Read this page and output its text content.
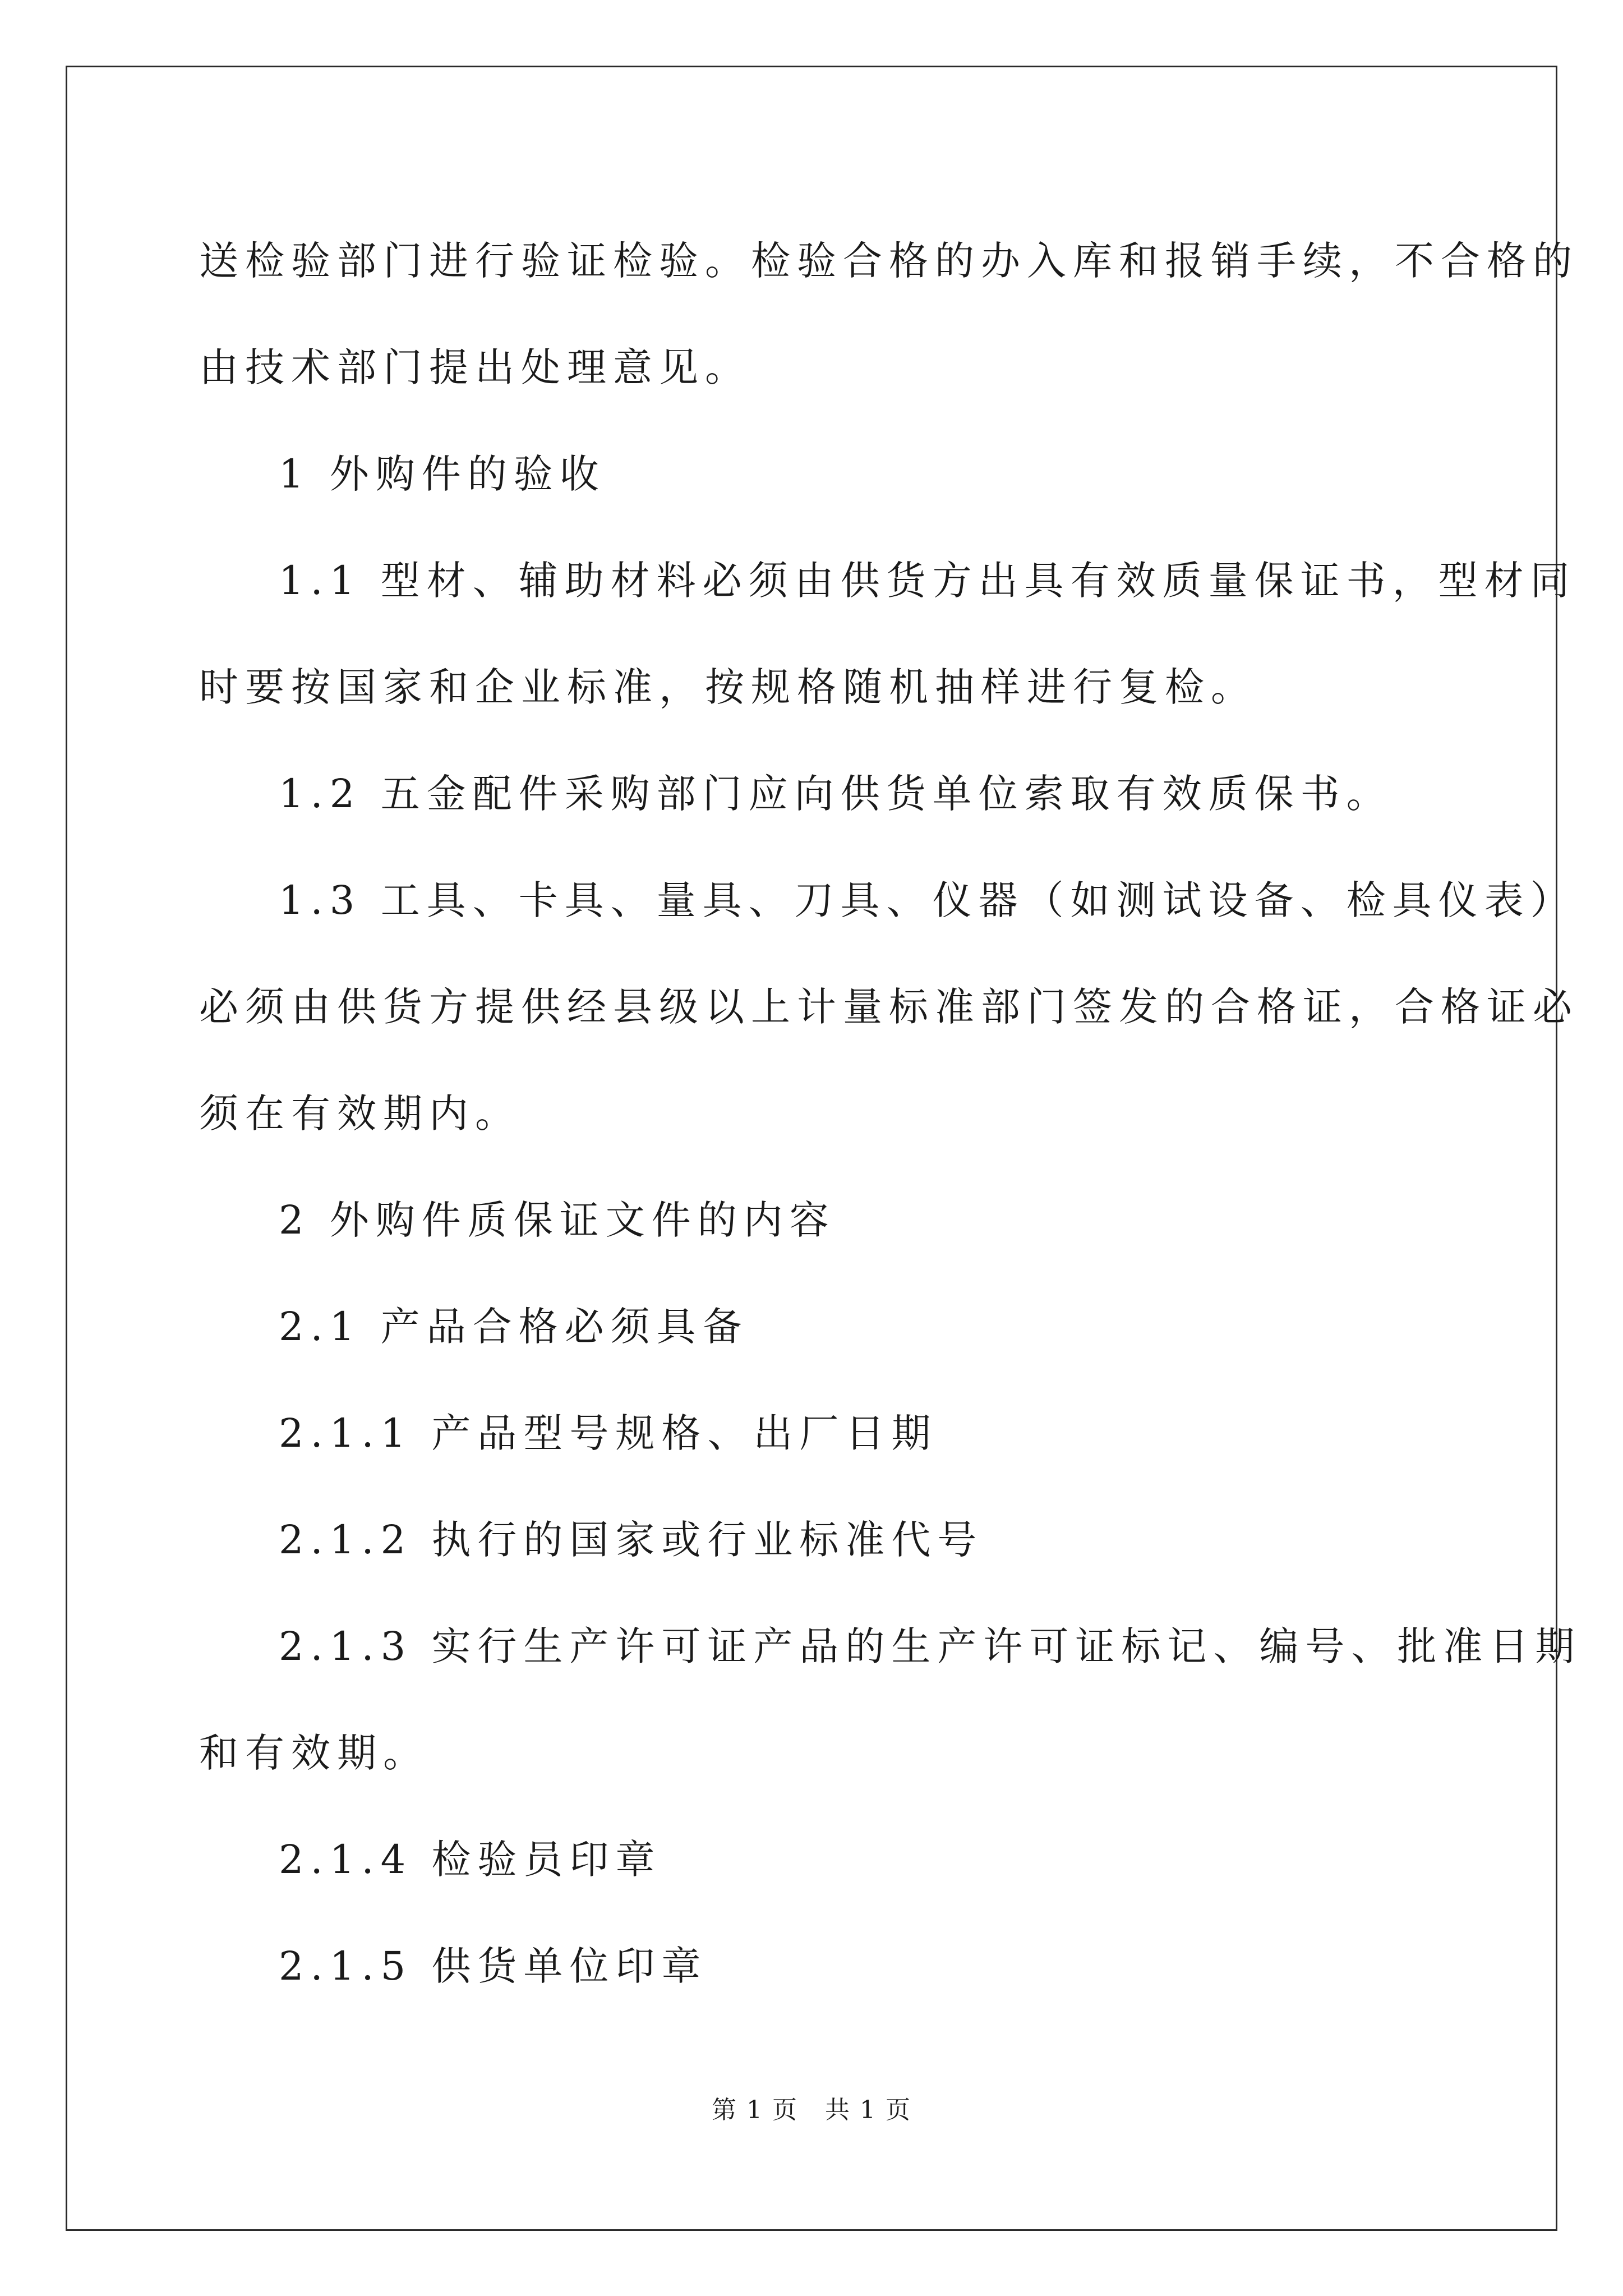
送检验部门进行验证检验。检验合格的办入库和报销手续，不合格的

由技术部门提出处理意见。

1 外购件的验收

1.1 型材、辅助材料必须由供货方出具有效质量保证书，型材同

时要按国家和企业标准，按规格随机抽样进行复检。

1.2 五金配件采购部门应向供货单位索取有效质保书。

1.3 工具、卡具、量具、刀具、仪器（如测试设备、检具仪表）

必须由供货方提供经县级以上计量标准部门签发的合格证，合格证必

须在有效期内。

2 外购件质保证文件的内容

2.1 产品合格必须具备

2.1.1 产品型号规格、出厂日期

2.1.2 执行的国家或行业标准代号

2.1.3 实行生产许可证产品的生产许可证标记、编号、批准日期

和有效期。

2.1.4 检验员印章

2.1.5 供货单位印章

第 1 页 共 1 页
